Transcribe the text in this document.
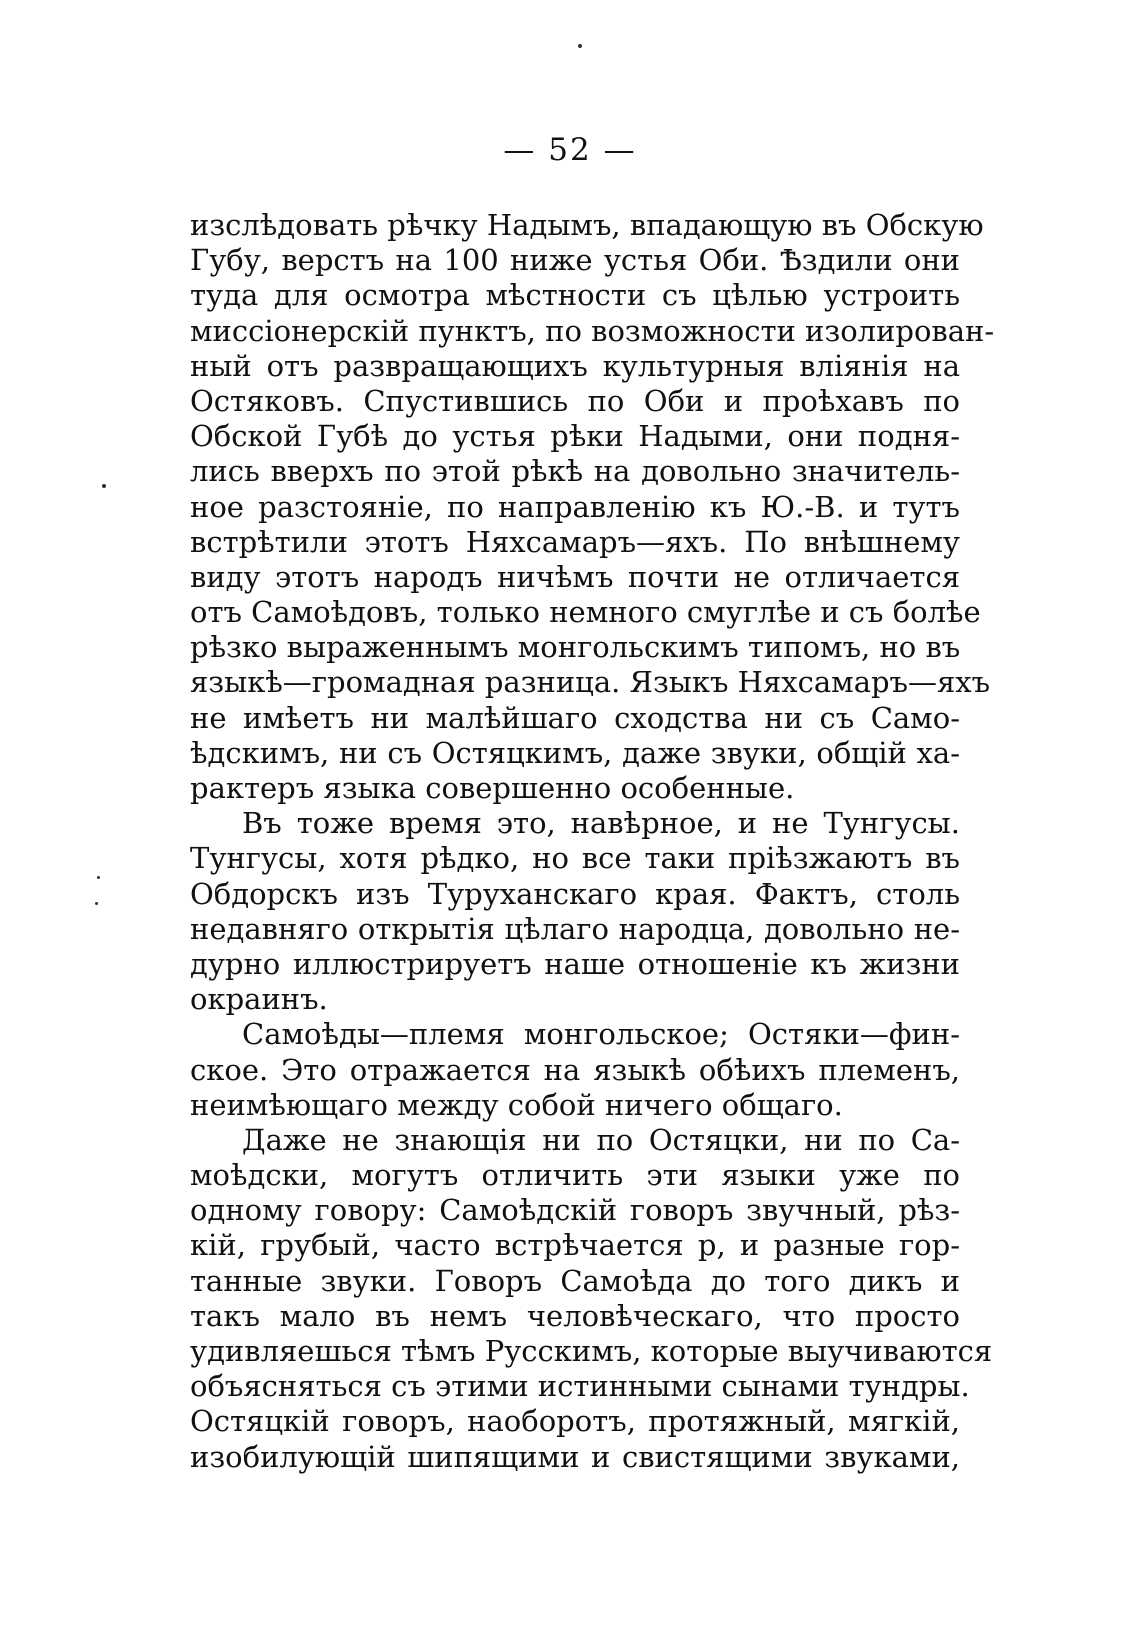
— 52 —
изслѣдовать рѣчку Надымъ, впадающую въ Обскую
Губу, верстъ на 100 ниже устья Оби. Ѣздили они
туда для осмотра мѣстности съ цѣлью устроить
миссіонерскій пунктъ, по возможности изолирован-
ный отъ развращающихъ культурныя вліянія на
Остяковъ. Спустившись по Оби и проѣхавъ по
Обской Губѣ до устья рѣки Надыми, они подня-
лись вверхъ по этой рѣкѣ на довольно значитель-
ное разстояніе, по направленію къ Ю.-В. и тутъ
встрѣтили этотъ Няхсамаръ—яхъ. По внѣшнему
виду этотъ народъ ничѣмъ почти не отличается
отъ Самоѣдовъ, только немного смуглѣе и съ болѣе
рѣзко выраженнымъ монгольскимъ типомъ, но въ
языкѣ—громадная разница. Языкъ Няхсамаръ—яхъ
не имѣетъ ни малѣйшаго сходства ни съ Само-
ѣдскимъ, ни съ Остяцкимъ, даже звуки, общій ха-
рактеръ языка совершенно особенные.
Въ тоже время это, навѣрное, и не Тунгусы.
Тунгусы, хотя рѣдко, но все таки пріѣзжаютъ въ
Обдорскъ изъ Туруханскаго края. Фактъ, столь
недавняго открытія цѣлаго народца, довольно не-
дурно иллюстрируетъ наше отношеніе къ жизни
окраинъ.
Самоѣды—племя монгольское; Остяки—фин-
ское. Это отражается на языкѣ обѣихъ племенъ,
неимѣющаго между собой ничего общаго.
Даже не знающія ни по Остяцки, ни по Са-
моѣдски, могутъ отличить эти языки уже по
одному говору: Самоѣдскій говоръ звучный, рѣз-
кій, грубый, часто встрѣчается р, и разные гор-
танные звуки. Говоръ Самоѣда до того дикъ и
такъ мало въ немъ человѣческаго, что просто
удивляешься тѣмъ Русскимъ, которые выучиваются
объясняться съ этими истинными сынами тундры.
Остяцкій говоръ, наоборотъ, протяжный, мягкій,
изобилующій шипящими и свистящими звуками,
